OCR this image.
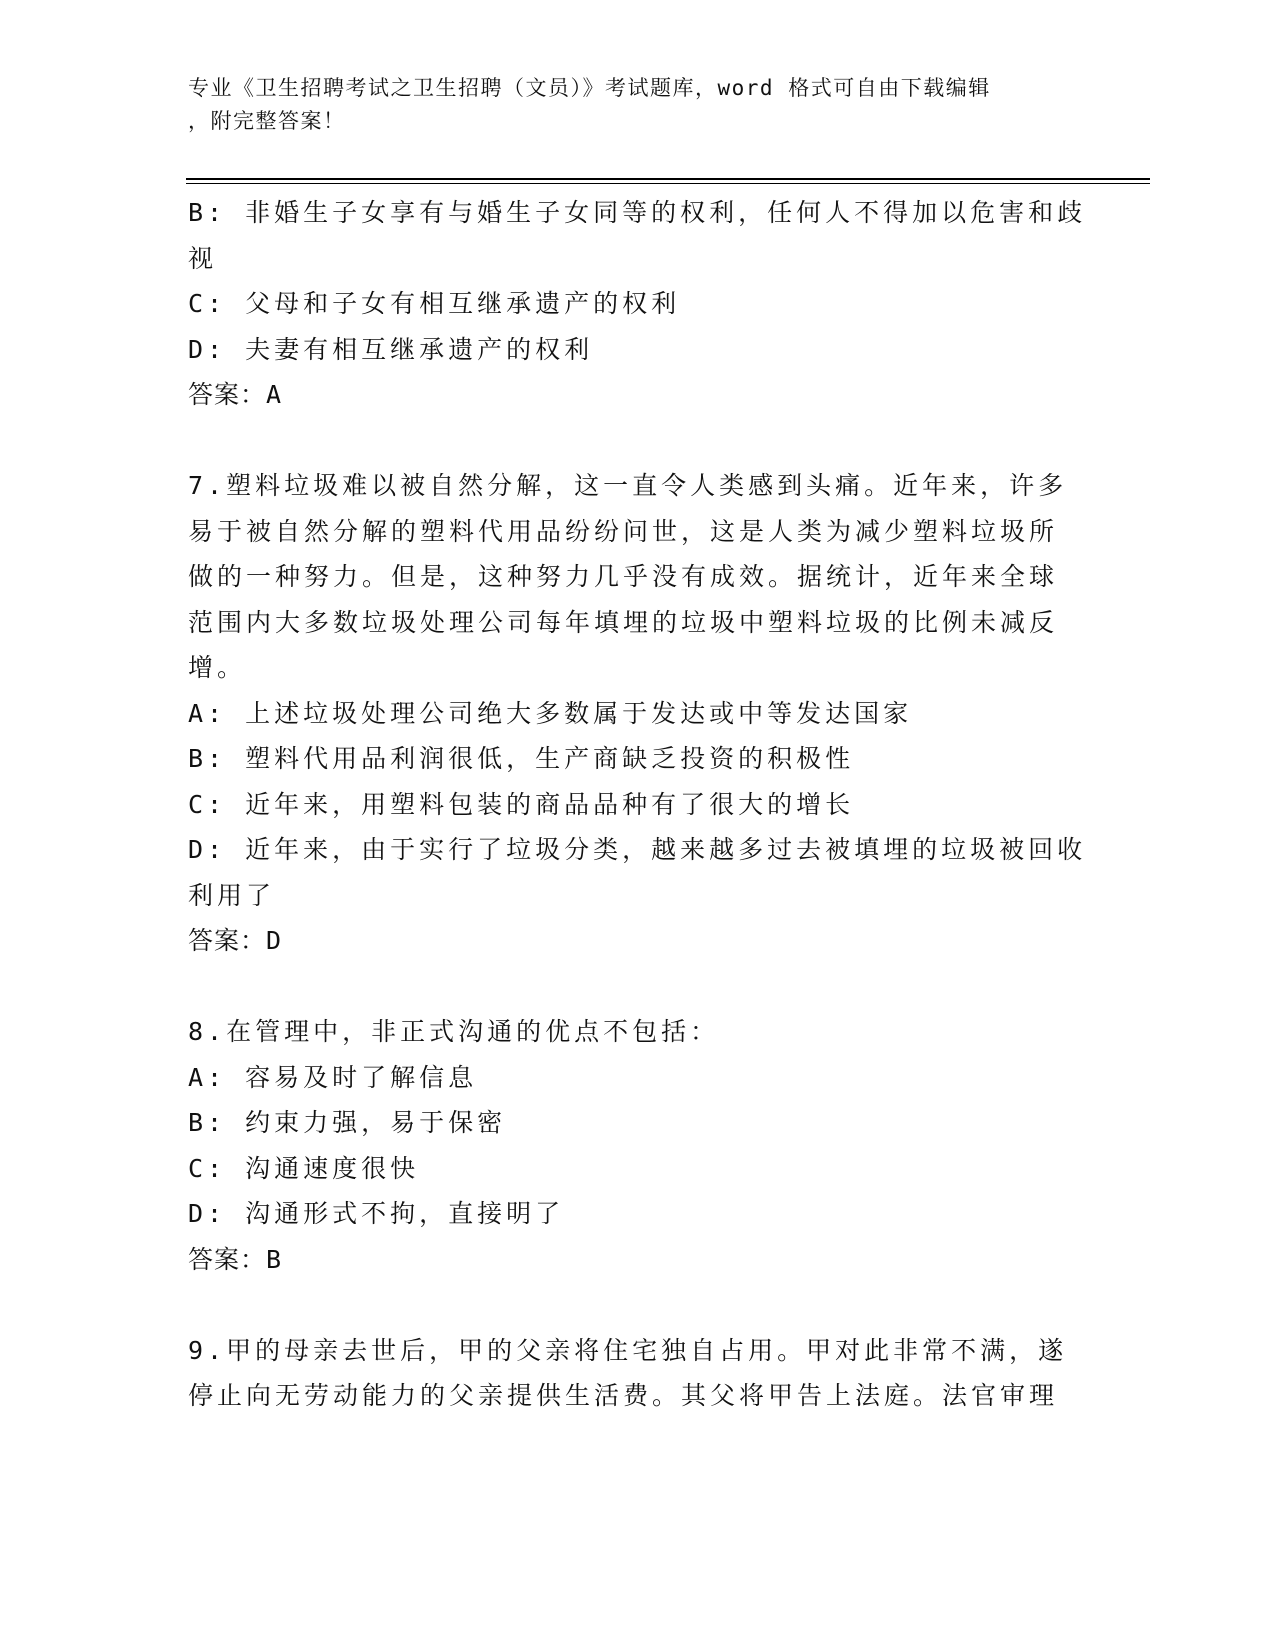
专业《卫生招聘考试之卫生招聘（文员）》考试题库，word 格式可自由下载编辑
，附完整答案！
B: 非婚生子女享有与婚生子女同等的权利，任何人不得加以危害和歧
视
C: 父母和子女有相互继承遗产的权利
D: 夫妻有相互继承遗产的权利
答案：A
7.塑料垃圾难以被自然分解，这一直令人类感到头痛。近年来，许多
易于被自然分解的塑料代用品纷纷问世，这是人类为减少塑料垃圾所
做的一种努力。但是，这种努力几乎没有成效。据统计，近年来全球
范围内大多数垃圾处理公司每年填埋的垃圾中塑料垃圾的比例未减反
增。
A: 上述垃圾处理公司绝大多数属于发达或中等发达国家
B: 塑料代用品利润很低，生产商缺乏投资的积极性
C: 近年来，用塑料包装的商品品种有了很大的增长
D: 近年来，由于实行了垃圾分类，越来越多过去被填埋的垃圾被回收
利用了
答案：D
8.在管理中，非正式沟通的优点不包括：
A: 容易及时了解信息
B: 约束力强，易于保密
C: 沟通速度很快
D: 沟通形式不拘，直接明了
答案：B
9.甲的母亲去世后，甲的父亲将住宅独自占用。甲对此非常不满，遂
停止向无劳动能力的父亲提供生活费。其父将甲告上法庭。法官审理
